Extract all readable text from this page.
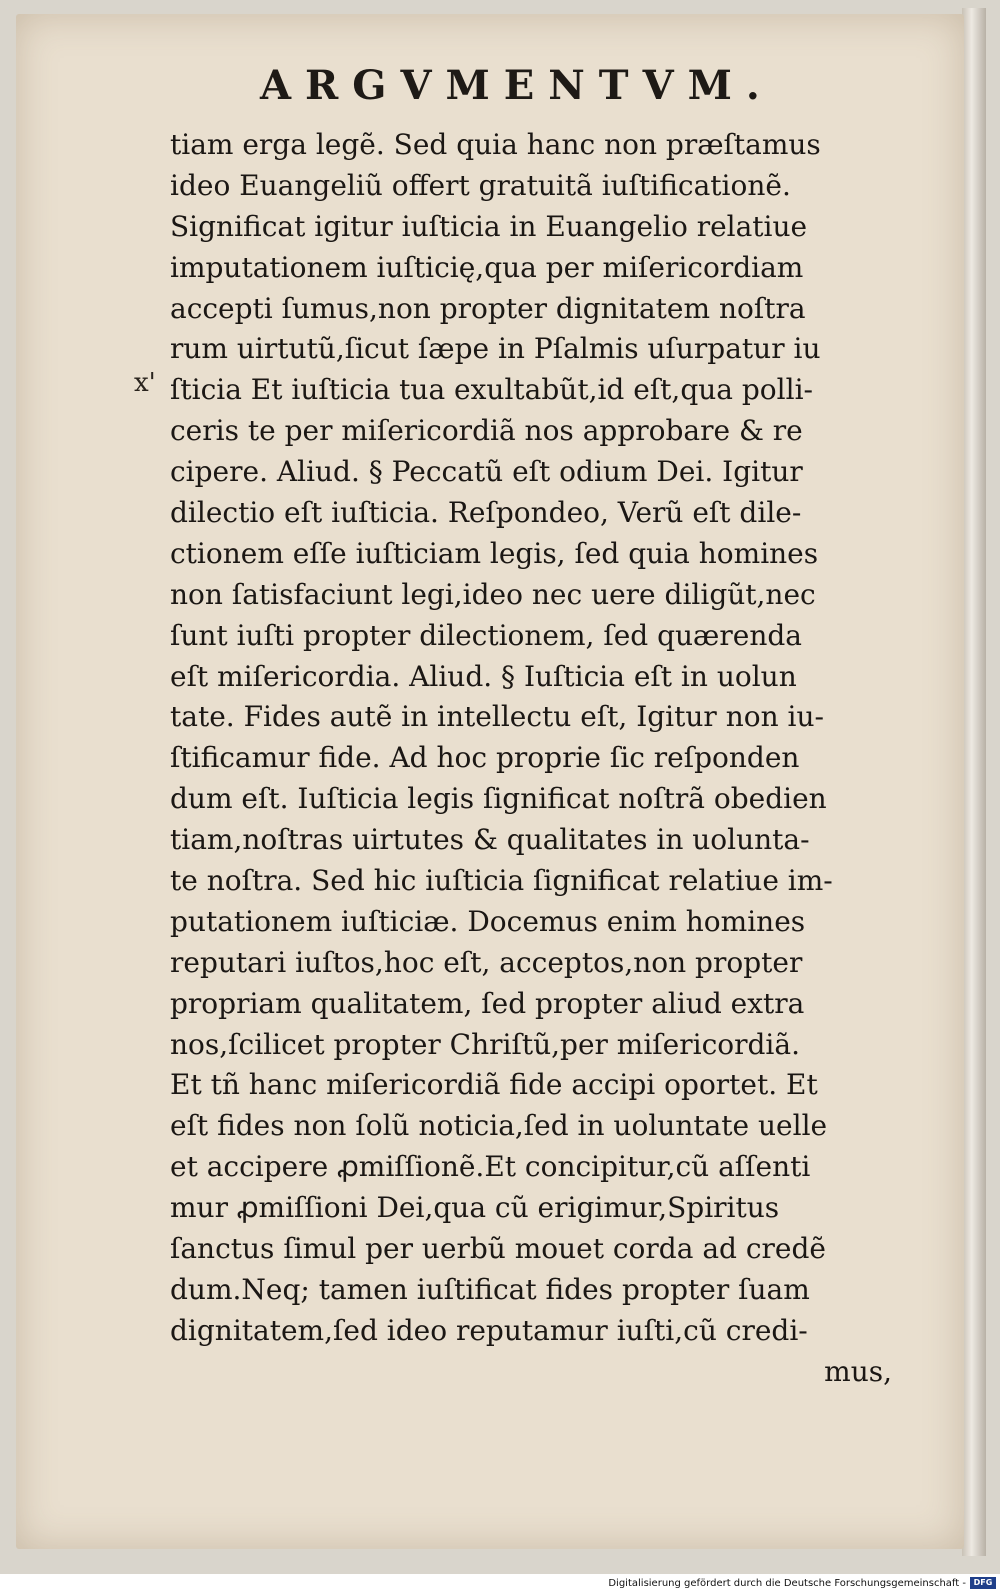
ARGVMENTVM.
x'
tiam erga legẽ. Sed quia hanc non præſtamus
ideo Euangeliũ offert gratuitã iuſtificationẽ.
Significat igitur iuſticia in Euangelio relatiue
imputationem iuſticię,qua per miſericordiam
accepti ſumus,non propter dignitatem noſtra
rum uirtutũ,ſicut ſæpe in Pſalmis uſurpatur iu
ſticia Et iuſticia tua exultabũt,id eſt,qua polli-
ceris te per miſericordiã nos approbare & re
cipere. Aliud. § Peccatũ eſt odium Dei. Igitur
dilectio eſt iuſticia. Reſpondeo, Verũ eſt dile-
ctionem eſſe iuſticiam legis, ſed quia homines
non ſatisfaciunt legi,ideo nec uere diligũt,nec
ſunt iuſti propter dilectionem, ſed quærenda
eſt miſericordia. Aliud. § Iuſticia eſt in uolun
tate. Fides autẽ in intellectu eſt, Igitur non iu-
ſtificamur fide. Ad hoc proprie ſic reſponden
dum eſt. Iuſticia legis ſignificat noſtrã obedien
tiam,noſtras uirtutes & qualitates in uolunta-
te noſtra. Sed hic iuſticia ſignificat relatiue im-
putationem iuſticiæ. Docemus enim homines
reputari iuſtos,hoc eſt, acceptos,non propter
propriam qualitatem, ſed propter aliud extra
nos,ſcilicet propter Chriſtũ,per miſericordiã.
Et tñ hanc miſericordiã fide accipi oportet. Et
eſt fides non ſolũ noticia,ſed in uoluntate uelle
et accipere ꝓmiſſionẽ.Et concipitur,cũ aſſenti
mur ꝓmiſſioni Dei,qua cũ erigimur,Spiritus
ſanctus ſimul per uerbũ mouet corda ad credẽ
dum.Neq; tamen iuſtificat fides propter ſuam
dignitatem,ſed ideo reputamur iuſti,cũ credi-
mus,
Digitalisierung gefördert durch die Deutsche Forschungsgemeinschaft - DFG
